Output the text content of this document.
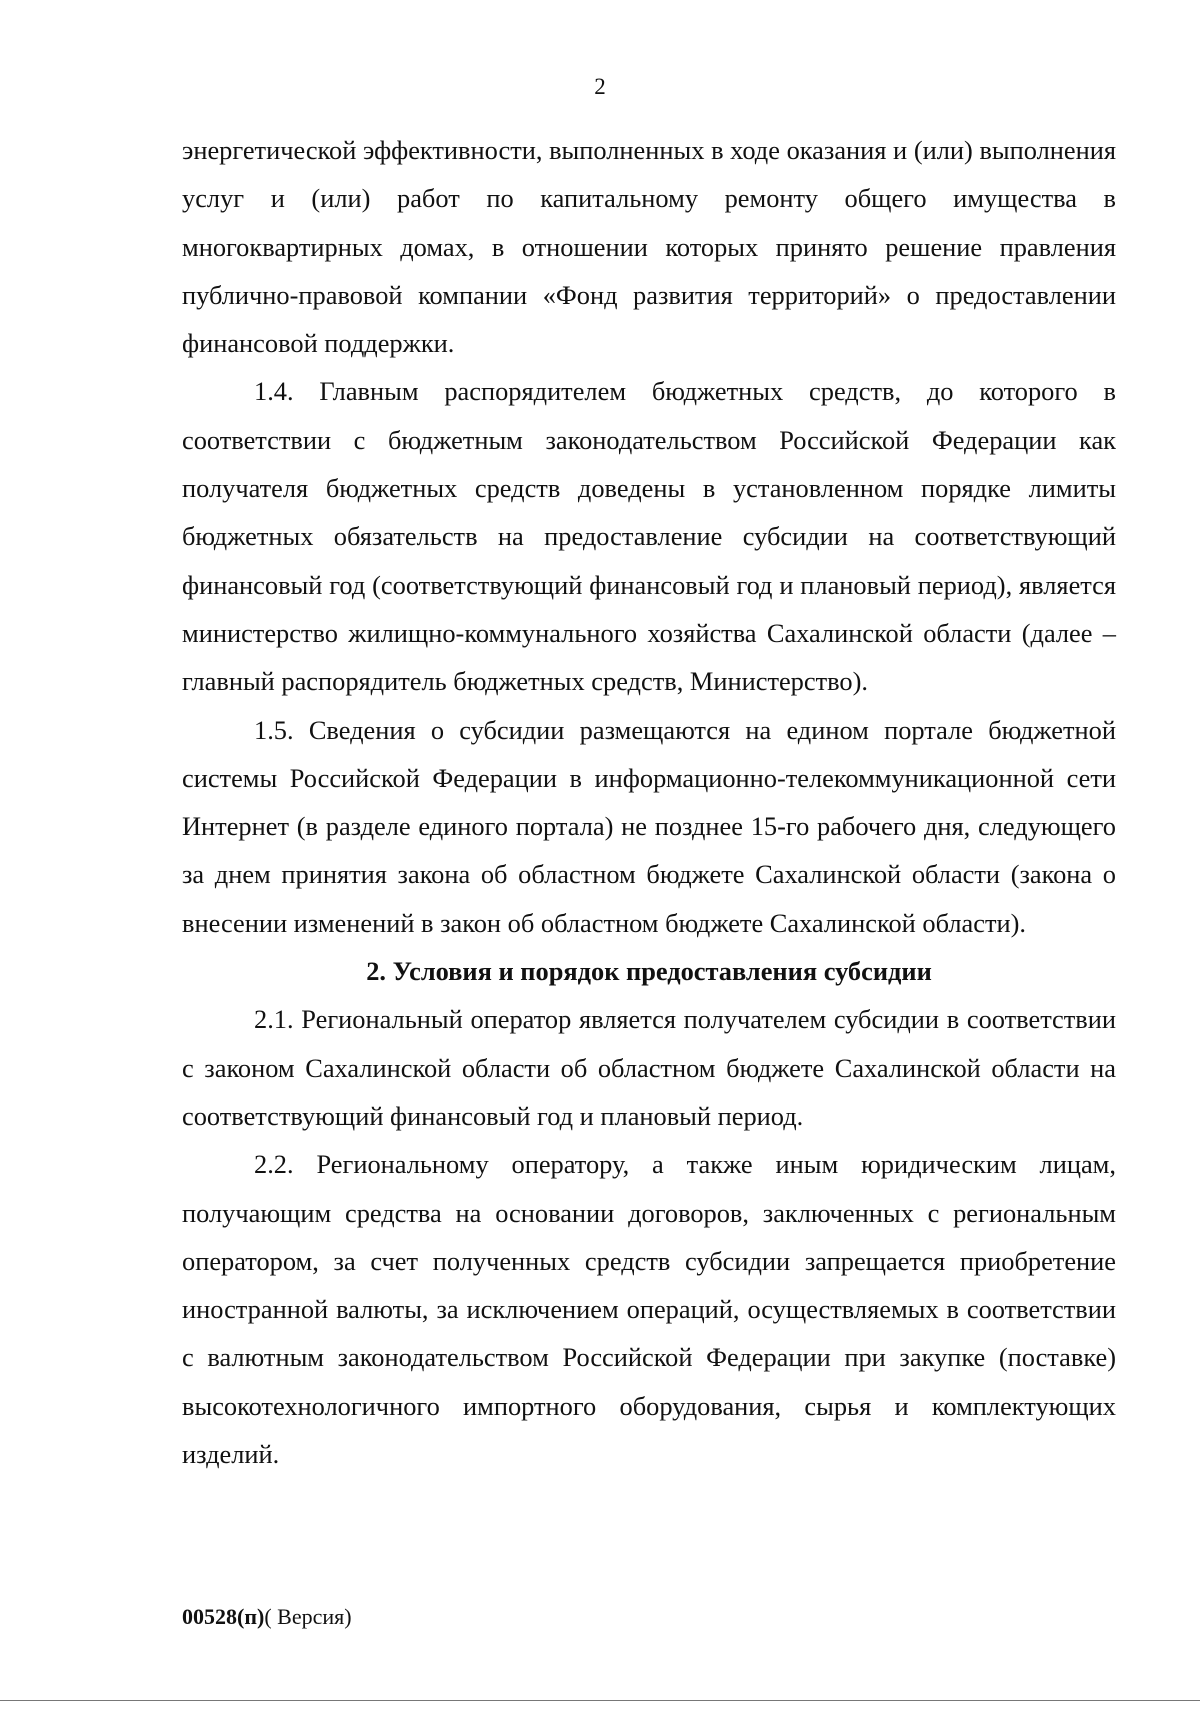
2

энергетической эффективности, выполненных в ходе оказания и (или) выполнения услуг и (или) работ по капитальному ремонту общего имущества в многоквартирных домах, в отношении которых принято решение правления публично-правовой компании «Фонд развития территорий» о предоставлении финансовой поддержки.

1.4. Главным распорядителем бюджетных средств, до которого в соответствии с бюджетным законодательством Российской Федерации как получателя бюджетных средств доведены в установленном порядке лимиты бюджетных обязательств на предоставление субсидии на соответствующий финансовый год (соответствующий финансовый год и плановый период), является министерство жилищно-коммунального хозяйства Сахалинской области (далее – главный распорядитель бюджетных средств, Министерство).

1.5. Сведения о субсидии размещаются на едином портале бюджетной системы Российской Федерации в информационно-телекоммуникационной сети Интернет (в разделе единого портала) не позднее 15-го рабочего дня, следующего за днем принятия закона об областном бюджете Сахалинской области (закона о внесении изменений в закон об областном бюджете Сахалинской области).

2. Условия и порядок предоставления субсидии

2.1. Региональный оператор является получателем субсидии в соответствии с законом Сахалинской области об областном бюджете Сахалинской области на соответствующий финансовый год и плановый период.

2.2. Региональному оператору, а также иным юридическим лицам, получающим средства на основании договоров, заключенных с региональным оператором, за счет полученных средств субсидии запрещается приобретение иностранной валюты, за исключением операций, осуществляемых в соответствии с валютным законодательством Российской Федерации при закупке (поставке) высокотехнологичного импортного оборудования, сырья и комплектующих изделий.

00528(п)( Версия)
